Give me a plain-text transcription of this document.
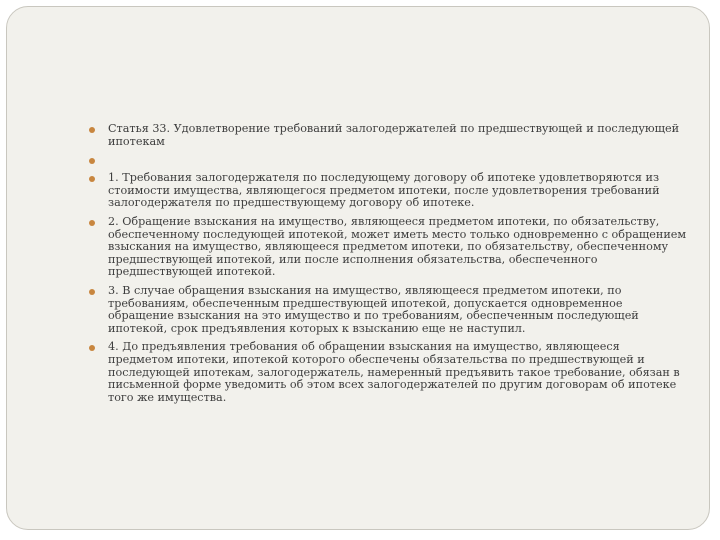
Статья 33. Удовлетворение требований залогодержателей по предшествующей и последующей ипотекам
1. Требования залогодержателя по последующему договору об ипотеке удовлетворяются из стоимости имущества, являющегося предметом ипотеки, после удовлетворения требований залогодержателя по предшествующему договору об ипотеке.
2. Обращение взыскания на имущество, являющееся предметом ипотеки, по обязательству, обеспеченному последующей ипотекой, может иметь место только одновременно с обращением взыскания на имущество, являющееся предметом ипотеки, по обязательству, обеспеченному предшествующей ипотекой, или после исполнения обязательства, обеспеченного предшествующей ипотекой.
3. В случае обращения взыскания на имущество, являющееся предметом ипотеки, по требованиям, обеспеченным предшествующей ипотекой, допускается одновременное обращение взыскания на это имущество и по требованиям, обеспеченным последующей ипотекой, срок предъявления которых к взысканию еще не наступил.
4. До предъявления требования об обращении взыскания на имущество, являющееся предметом ипотеки, ипотекой которого обеспечены обязательства по предшествующей и последующей ипотекам, залогодержатель, намеренный предъявить такое требование, обязан в письменной форме уведомить об этом всех залогодержателей по другим договорам об ипотеке того же имущества.
